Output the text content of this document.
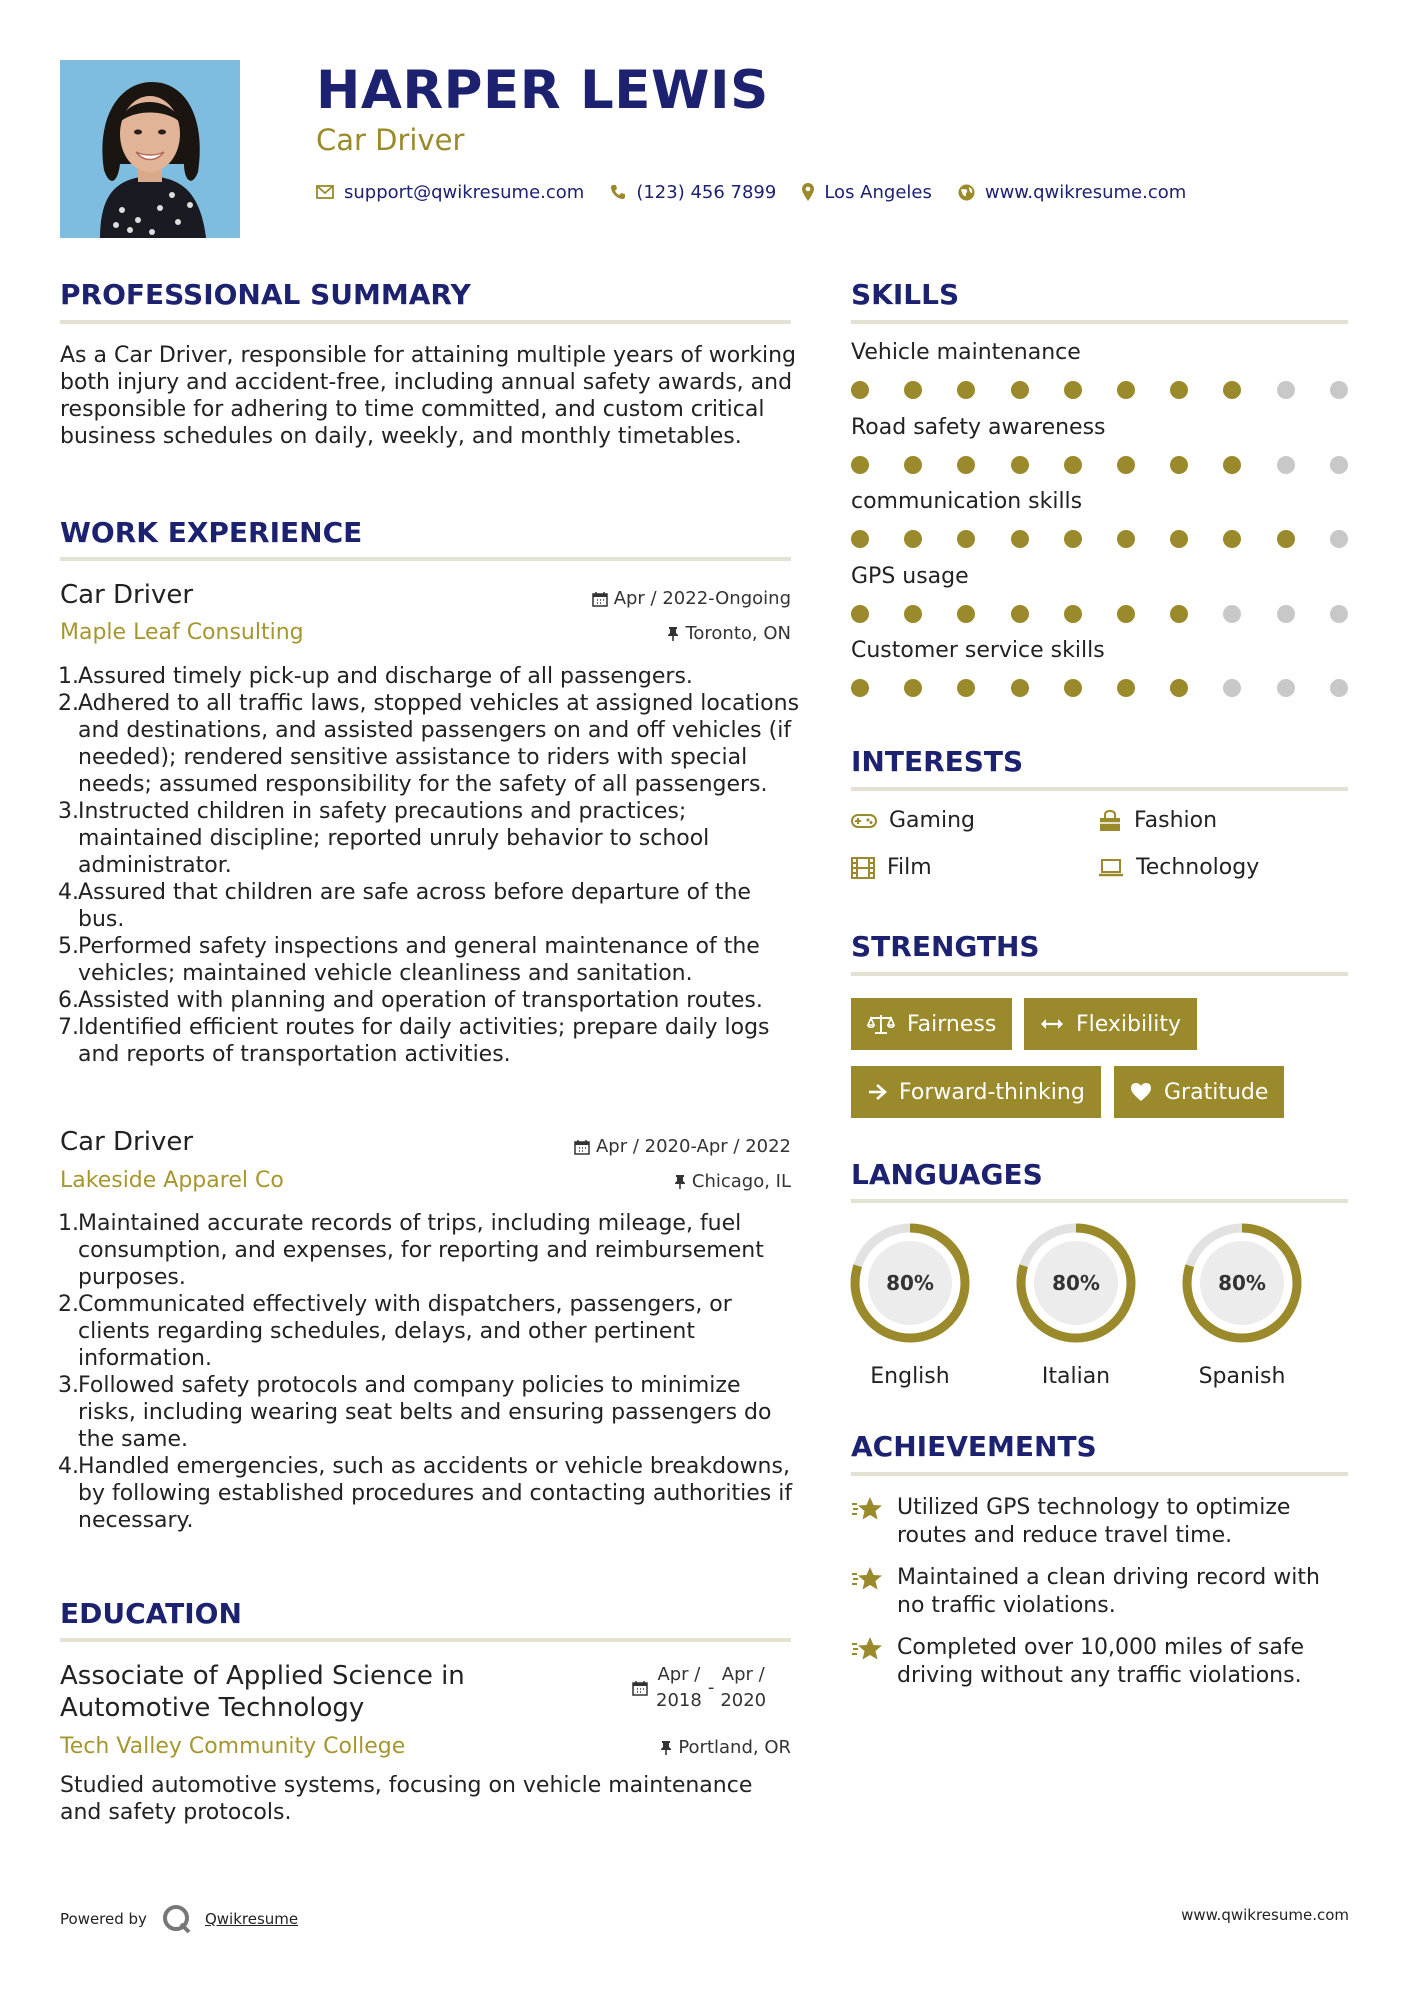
HARPER LEWIS
Car Driver
support@qwikresume.com	(123) 456 7899	Los Angeles	www.qwikresume.com
PROFESSIONAL SUMMARY
As a Car Driver, responsible for attaining multiple years of working both injury and accident-free, including annual safety awards, and responsible for adhering to time committed, and custom critical business schedules on daily, weekly, and monthly timetables.
WORK EXPERIENCE
Car Driver	Apr / 2022-Ongoing
Maple Leaf Consulting	Toronto, ON
1. Assured timely pick-up and discharge of all passengers.
2. Adhered to all traffic laws, stopped vehicles at assigned locations and destinations, and assisted passengers on and off vehicles (if needed); rendered sensitive assistance to riders with special needs; assumed responsibility for the safety of all passengers.
3. Instructed children in safety precautions and practices; maintained discipline; reported unruly behavior to school administrator.
4. Assured that children are safe across before departure of the bus.
5. Performed safety inspections and general maintenance of the vehicles; maintained vehicle cleanliness and sanitation.
6. Assisted with planning and operation of transportation routes.
7. Identified efficient routes for daily activities; prepare daily logs and reports of transportation activities.
Car Driver	Apr / 2020-Apr / 2022
Lakeside Apparel Co	Chicago, IL
1. Maintained accurate records of trips, including mileage, fuel consumption, and expenses, for reporting and reimbursement purposes.
2. Communicated effectively with dispatchers, passengers, or clients regarding schedules, delays, and other pertinent information.
3. Followed safety protocols and company policies to minimize risks, including wearing seat belts and ensuring passengers do the same.
4. Handled emergencies, such as accidents or vehicle breakdowns, by following established procedures and contacting authorities if necessary.
EDUCATION
Associate of Applied Science in Automotive Technology
Apr /
2018
-
Apr /
2020
Tech Valley Community College	Portland, OR
Studied automotive systems, focusing on vehicle maintenance and safety protocols.
SKILLS
Vehicle maintenance
Road safety awareness
communication skills
GPS usage
Customer service skills
INTERESTS
Gaming	Fashion
Film	Technology
STRENGTHS
Fairness	Flexibility
Forward-thinking	Gratitude
LANGUAGES
80%
English
80%
Italian
80%
Spanish
ACHIEVEMENTS
Utilized GPS technology to optimize routes and reduce travel time.
Maintained a clean driving record with no traffic violations.
Completed over 10,000 miles of safe driving without any traffic violations.
Powered by	Qwikresume	www.qwikresume.com
